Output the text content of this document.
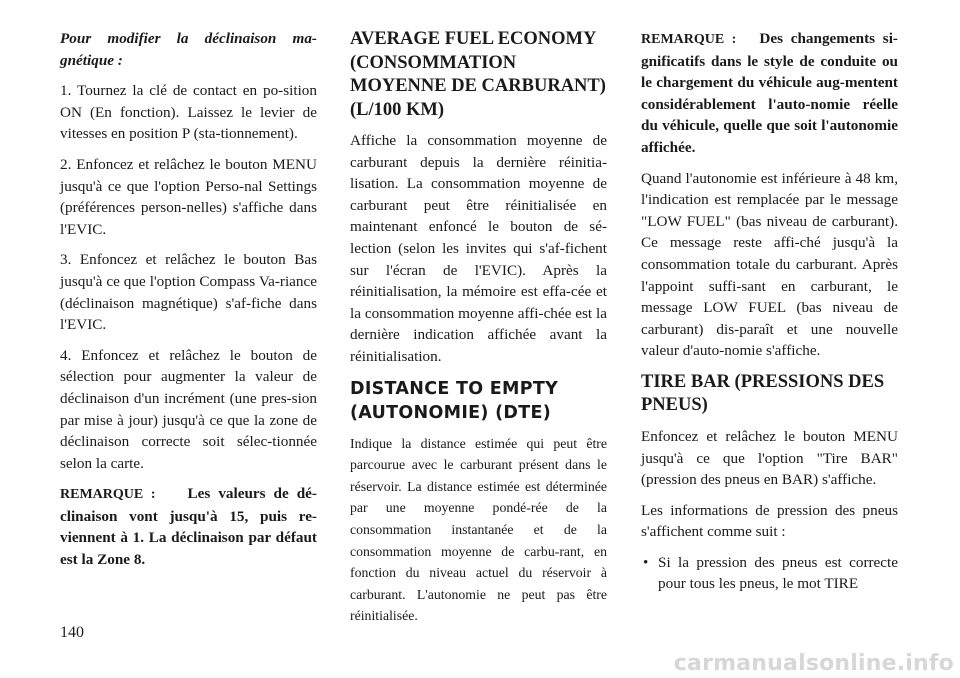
Pour modifier la déclinaison ma-gnétique :

1. Tournez la clé de contact en po-sition ON (En fonction). Laissez le levier de vitesses en position P (sta-tionnement).

2. Enfoncez et relâchez le bouton MENU jusqu'à ce que l'option Perso-nal Settings (préférences person-nelles) s'affiche dans l'EVIC.

3. Enfoncez et relâchez le bouton Bas jusqu'à ce que l'option Compass Va-riance (déclinaison magnétique) s'af-fiche dans l'EVIC.

4. Enfoncez et relâchez le bouton de sélection pour augmenter la valeur de déclinaison d'un incrément (une pres-sion par mise à jour) jusqu'à ce que la zone de déclinaison correcte soit sélec-tionnée selon la carte.

REMARQUE : Les valeurs de dé-clinaison vont jusqu'à 15, puis re-viennent à 1. La déclinaison par défaut est la Zone 8.

AVERAGE FUEL ECONOMY (CONSOMMATION MOYENNE DE CARBURANT) (L/100 KM)

Affiche la consommation moyenne de carburant depuis la dernière réinitia-lisation. La consommation moyenne de carburant peut être réinitialisée en maintenant enfoncé le bouton de sé-lection (selon les invites qui s'af-fichent sur l'écran de l'EVIC). Après la réinitialisation, la mémoire est effa-cée et la consommation moyenne affi-chée est la dernière indication affichée avant la réinitialisation.

DISTANCE TO EMPTY (AUTONOMIE) (DTE)

Indique la distance estimée qui peut être parcourue avec le carburant présent dans le réservoir. La distance estimée est déterminée par une moyenne pondé-rée de la consommation instantanée et de la consommation moyenne de carbu-rant, en fonction du niveau actuel du réservoir à carburant. L'autonomie ne peut pas être réinitialisée.

REMARQUE : Des changements si-gnificatifs dans le style de conduite ou le chargement du véhicule aug-mentent considérablement l'auto-nomie réelle du véhicule, quelle que soit l'autonomie affichée.

Quand l'autonomie est inférieure à 48 km, l'indication est remplacée par le message "LOW FUEL" (bas niveau de carburant). Ce message reste affi-ché jusqu'à la consommation totale du carburant. Après l'appoint suffi-sant en carburant, le message LOW FUEL (bas niveau de carburant) dis-paraît et une nouvelle valeur d'auto-nomie s'affiche.

TIRE BAR (PRESSIONS DES PNEUS)

Enfoncez et relâchez le bouton MENU jusqu'à ce que l'option "Tire BAR" (pression des pneus en BAR) s'affiche.

Les informations de pression des pneus s'affichent comme suit :

• Si la pression des pneus est correcte pour tous les pneus, le mot TIRE
140
carmanualsonline.info
